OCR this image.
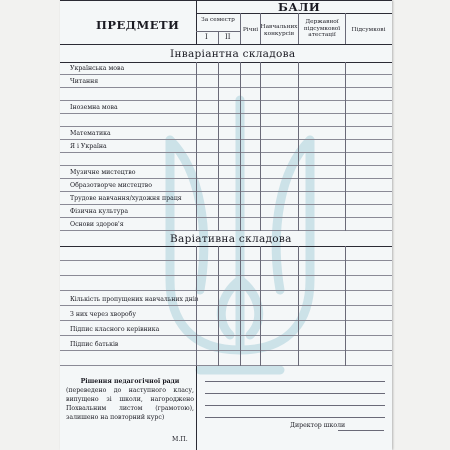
ПРЕДМЕТИ
БАЛИ
За семестр
I II
Річні Навчальних конкурсів
Державної підсумкової атестації
Підсумкові
Інваріантна складова
Варіативна складова
Рішення педагогічної ради
(переведено до наступного класу, випущено зі школи, нагороджено Похвальним листом (грамотою), залишено на повторний курс)
Директор школи
М.П.
Українська мова
Читання
Іноземна мова
Математика
Я і Україна
Музичне мистецтво
Образотворче мистецтво
Трудове навчання/художня праця
Фізична культура
Основи здоров'я
Кількість пропущених навчальних днів
З них через хворобу
Підпис класного керівника
Підпис батьків
